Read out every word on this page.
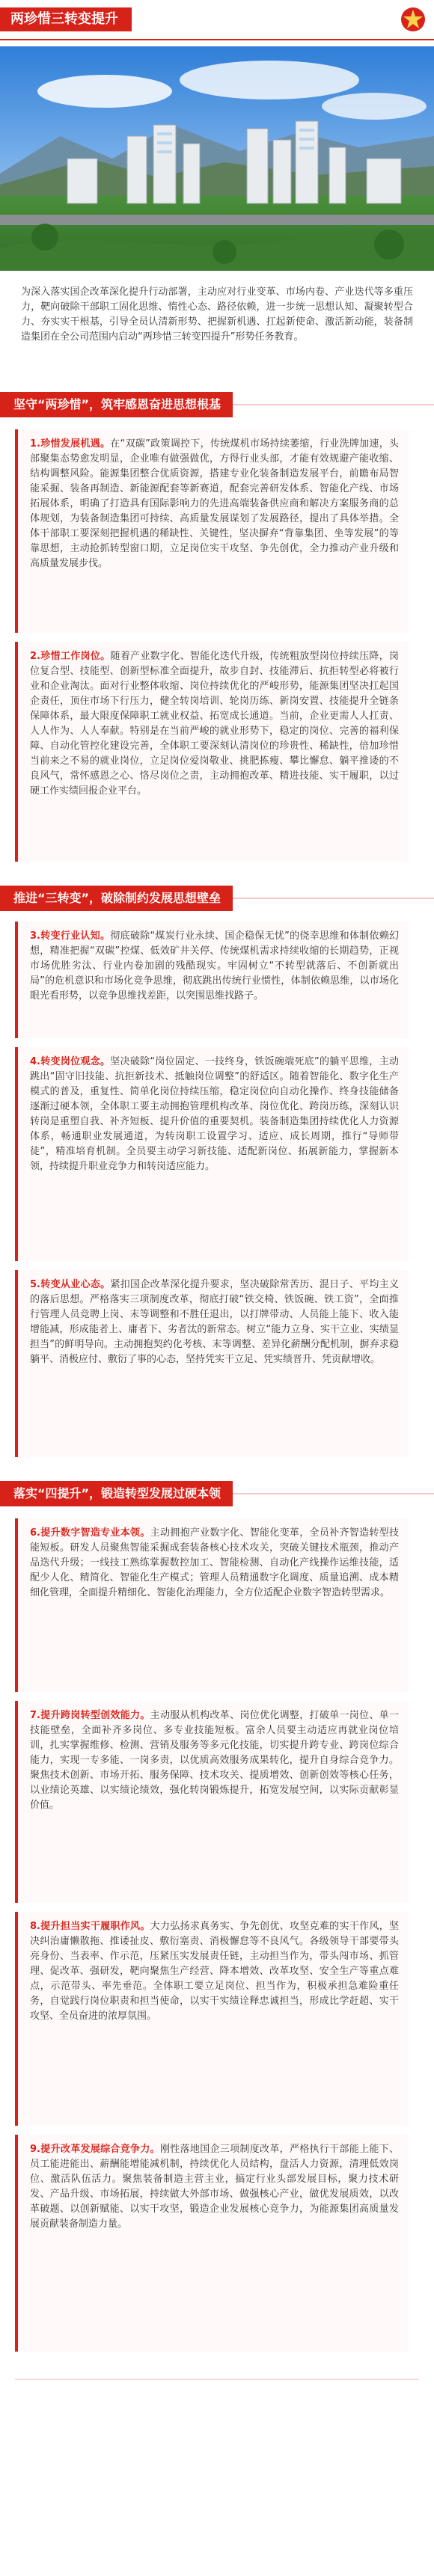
两珍惜三转变提升

为深入落实国企改革深化提升行动部署，主动应对行业变革、市场内卷、产业迭代等多重压力，靶向破除干部职工固化思维、惰性心态、路径依赖，进一步统一思想认知、凝聚转型合力、夯实实干根基，引导全员认清新形势、把握新机遇、扛起新使命、激活新动能，装备制造集团在全公司范围内启动“两珍惜三转变四提升”形势任务教育。

坚守“两珍惜”，筑牢感恩奋进思想根基

1.珍惜发展机遇。在“双碳”政策调控下，传统煤机市场持续萎缩，行业洗牌加速，头部聚集态势愈发明显，企业唯有做强做优，方得行业头部，才能有效规避产能收缩、结构调整风险。能源集团整合优质资源，搭建专业化装备制造发展平台，前瞻布局智能采掘、装备再制造、新能源配套等新赛道，配套完善研发体系、智能化产线、市场拓展体系，明确了打造具有国际影响力的先进高端装备供应商和解决方案服务商的总体规划，为装备制造集团可持续、高质量发展谋划了发展路径，提出了具体举措。全体干部职工要深刻把握机遇的稀缺性、关键性，坚决摒弃“背靠集团、坐等发展”的等靠思想，主动抢抓转型窗口期，立足岗位实干攻坚、争先创优，全力推动产业升级和高质量发展步伐。

2.珍惜工作岗位。随着产业数字化、智能化迭代升级，传统粗放型岗位持续压降，岗位复合型、技能型、创新型标准全面提升，故步自封、技能滞后、抗拒转型必将被行业和企业淘汰。面对行业整体收缩、岗位持续优化的严峻形势，能源集团坚决扛起国企责任，顶住市场下行压力，健全转岗培训、轮岗历练、新岗安置、技能提升全链条保障体系，最大限度保障职工就业权益、拓宽成长通道。当前，企业更需人人扛责、人人作为、人人奉献。特别是在当前严峻的就业形势下，稳定的岗位、完善的福利保障、自动化管控化建设完善，全体职工要深刻认清岗位的珍贵性、稀缺性，倍加珍惜当前来之不易的就业岗位，立足岗位爱岗敬业、挑肥拣瘦、攀比懈怠、躺平推诿的不良风气，常怀感恩之心、恪尽岗位之责，主动拥抱改革、精进技能、实干履职，以过硬工作实绩回报企业平台。

推进“三转变”，破除制约发展思想壁垒

3.转变行业认知。彻底破除“煤炭行业永续、国企稳保无忧”的侥幸思维和体制依赖幻想，精准把握“双碳”控煤、低效矿井关停、传统煤机需求持续收缩的长期趋势，正视市场优胜劣汰、行业内卷加剧的残酷现实。牢固树立“不转型就落后、不创新就出局”的危机意识和市场化竞争思维，彻底跳出传统行业惯性，体制依赖思维，以市场化眼光看形势，以竞争思维找差距，以突围思维找路子。

4.转变岗位观念。坚决破除“岗位固定、一技终身，铁饭碗端死底”的躺平思维，主动跳出“固守旧技能、抗拒新技术、抵触岗位调整”的舒适区。随着智能化、数字化生产模式的普及，重复性、简单化岗位持续压缩，稳定岗位向自动化操作、终身技能储备逐渐过硬本领，全体职工要主动拥抱管理机构改革、岗位优化、跨岗历练，深刻认识转岗是重塑自我、补齐短板、提升价值的重要契机。装备制造集团持续优化人力资源体系，畅通职业发展通道，为转岗职工设置学习、适应、成长周期，推行“导师带徒”，精准培育机制。全员要主动学习新技能、适配新岗位、拓展新能力，掌握新本领，持续提升职业竞争力和转岗适应能力。

5.转变从业心态。紧扣国企改革深化提升要求，坚决破除常苦历、混日子、平均主义的落后思想。严格落实三项制度改革，彻底打破“铁交椅、铁饭碗、铁工资”，全面推行管理人员竞聘上岗、末等调整和不胜任退出，以打牌带动、人员能上能下、收入能增能减，形成能者上、庸者下、劣者汰的新常态。树立“能力立身、实干立业、实绩显担当”的鲜明导向。主动拥抱契约化考核、末等调整、差异化薪酬分配机制，摒弃求稳躺平、消极应付、敷衍了事的心态，坚持凭实干立足、凭实绩晋升、凭贡献增收。

落实“四提升”，锻造转型发展过硬本领

6.提升数字智造专业本领。主动拥抱产业数字化、智能化变革，全员补齐智造转型技能短板。研发人员聚焦智能采掘成套装备核心技术攻关，突破关键技术瓶颈，推动产品迭代升级；一线技工熟练掌握数控加工、智能检测、自动化产线操作运维技能，适配少人化、精简化、智能化生产模式；管理人员精通数字化调度、质量追溯、成本精细化管理，全面提升精细化、智能化治理能力，全方位适配企业数字智造转型需求。

7.提升跨岗转型创效能力。主动服从机构改革、岗位优化调整，打破单一岗位、单一技能壁垒，全面补齐多岗位、多专业技能短板。富余人员要主动适应再就业岗位培训，扎实掌握维修、检测、营销及服务等多元化技能，切实提升跨专业、跨岗位综合能力，实现一专多能、一岗多责，以优质高效服务成果转化，提升自身综合竞争力。聚焦技术创新、市场开拓、服务保障、技术攻关、提质增效、创新创效等核心任务，以业绩论英雄、以实绩论绩效，强化转岗锻炼提升，拓宽发展空间，以实际贡献彰显价值。

8.提升担当实干履职作风。大力弘扬求真务实、争先创优、攻坚克难的实干作风，坚决纠治庸懒散拖、推诿扯皮、敷衍塞责、消极懈怠等不良风气。各级领导干部要带头亮身份、当表率、作示范，压紧压实发展责任链，主动担当作为，带头闯市场、抓管理、促改革、强研发，靶向聚焦生产经营、降本增效、改革攻坚、安全生产等重点难点，示范带头、率先垂范。全体职工要立足岗位、担当作为，积极承担急难险重任务，自觉践行岗位职责和担当使命，以实干实绩诠释忠诚担当，形成比学赶超、实干攻坚、全员奋进的浓厚氛围。

9.提升改革发展综合竞争力。刚性落地国企三项制度改革，严格执行干部能上能下、员工能进能出、薪酬能增能减机制，持续优化人员结构，盘活人力资源，清理低效岗位、激活队伍活力。聚焦装备制造主营主业，搞定行业头部发展目标，聚力技术研发、产品升级、市场拓展，持续做大外部市场、做强核心产业，做优发展质效，以改革破题、以创新赋能、以实干攻坚，锻造企业发展核心竞争力，为能源集团高质量发展贡献装备制造力量。
